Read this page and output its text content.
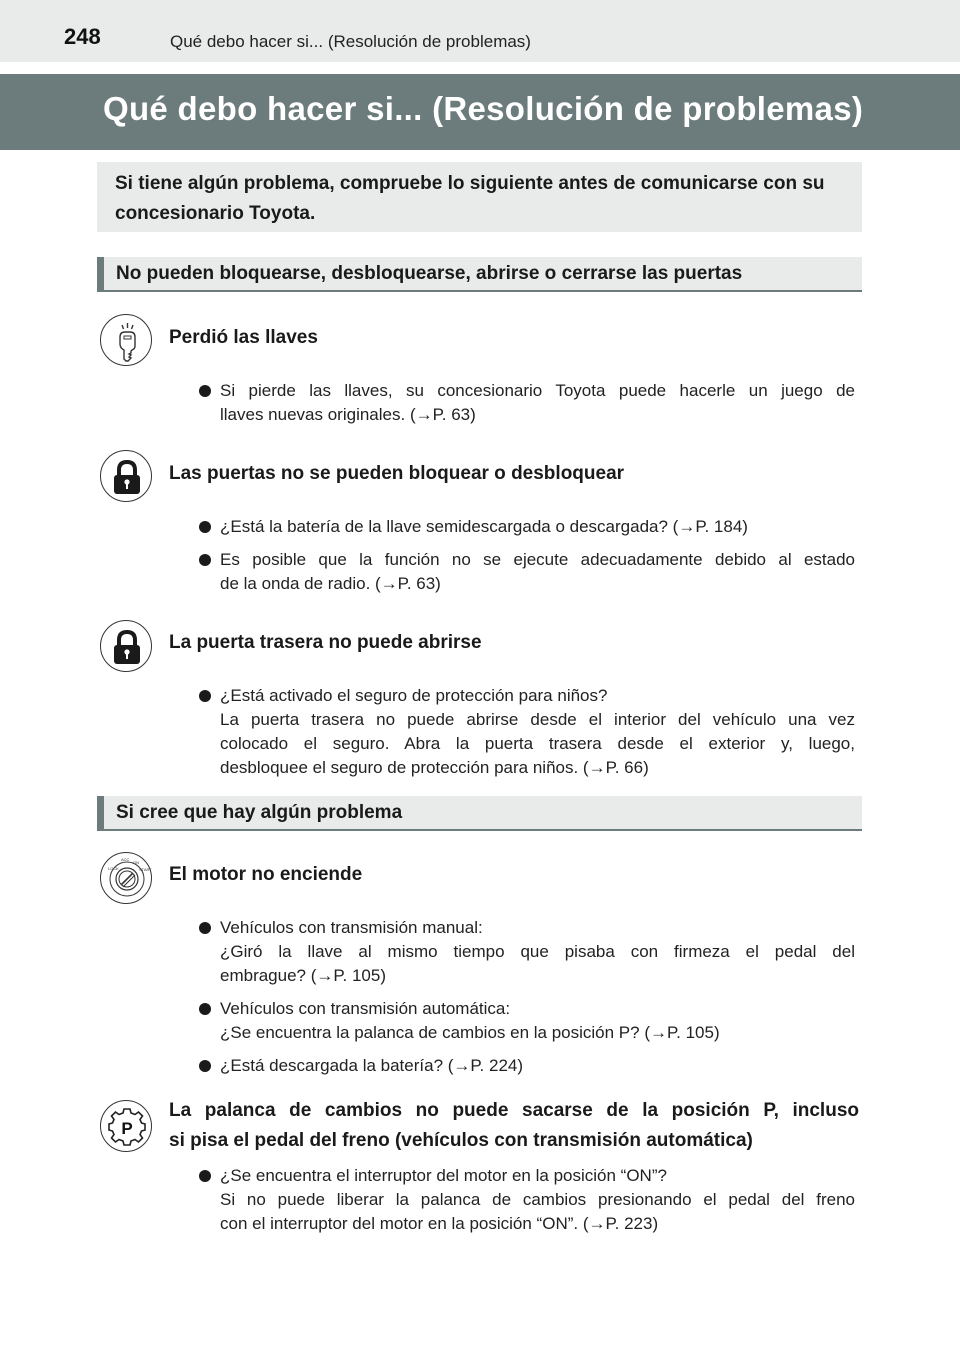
248	Qué debo hacer si... (Resolución de problemas)
Qué debo hacer si... (Resolución de problemas)
Si tiene algún problema, compruebe lo siguiente antes de comunicarse con su concesionario Toyota.
No pueden bloquearse, desbloquearse, abrirse o cerrarse las puertas
Perdió las llaves
Si pierde las llaves, su concesionario Toyota puede hacerle un juego de
llaves nuevas originales. (→P. 63)
Las puertas no se pueden bloquear o desbloquear
¿Está la batería de la llave semidescargada o descargada? (→P. 184)
Es posible que la función no se ejecute adecuadamente debido al estado
de la onda de radio. (→P. 63)
La puerta trasera no puede abrirse
¿Está activado el seguro de protección para niños?
La puerta trasera no puede abrirse desde el interior del vehículo una vez
colocado el seguro. Abra la puerta trasera desde el exterior y, luego,
desbloquee el seguro de protección para niños. (→P. 66)
Si cree que hay algún problema
LOCK
ACC
ON
START El motor no enciende
Vehículos con transmisión manual:
¿Giró la llave al mismo tiempo que pisaba con firmeza el pedal del
embrague? (→P. 105)
Vehículos con transmisión automática:
¿Se encuentra la palanca de cambios en la posición P? (→P. 105)
¿Está descargada la batería? (→P. 224)
P
La palanca de cambios no puede sacarse de la posición P, incluso
si pisa el pedal del freno (vehículos con transmisión automática)
¿Se encuentra el interruptor del motor en la posición “ON”?
Si no puede liberar la palanca de cambios presionando el pedal del freno
con el interruptor del motor en la posición “ON”. (→P. 223)
